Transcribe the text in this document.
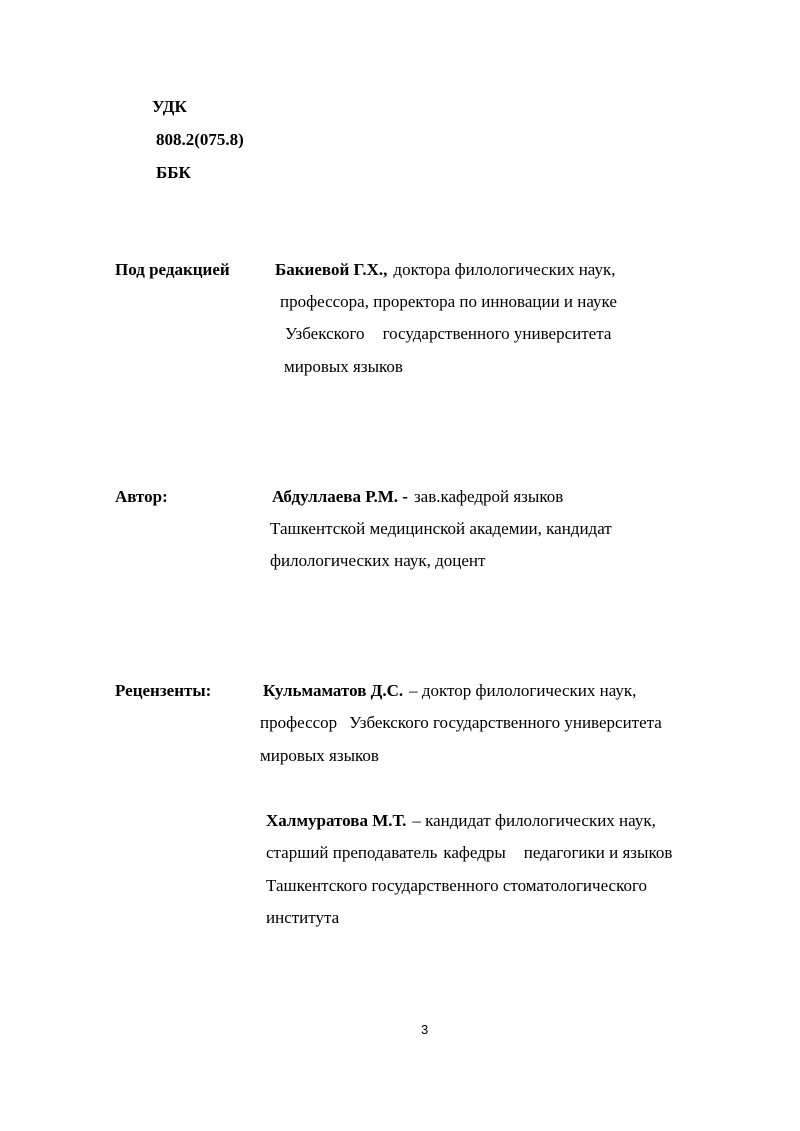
УДК
808.2(075.8)
ББК
Под редакцией	Бакиевой Г.Х., доктора филологических наук,
профессора, проректора по инновации и науке
Узбекского государственного университета
мировых языков
Автор:	Абдуллаева Р.М. - зав.кафедрой языков
Ташкентской медицинской академии, кандидат
филологических наук, доцент
Рецензенты:	Кульмаматов Д.С. – доктор филологических наук,
профессор Узбекского государственного университета
мировых языков
Халмуратова М.Т. – кандидат филологических наук,
старший преподаватель кафедры педагогики и языков
Ташкентского государственного стоматологического
института
3
